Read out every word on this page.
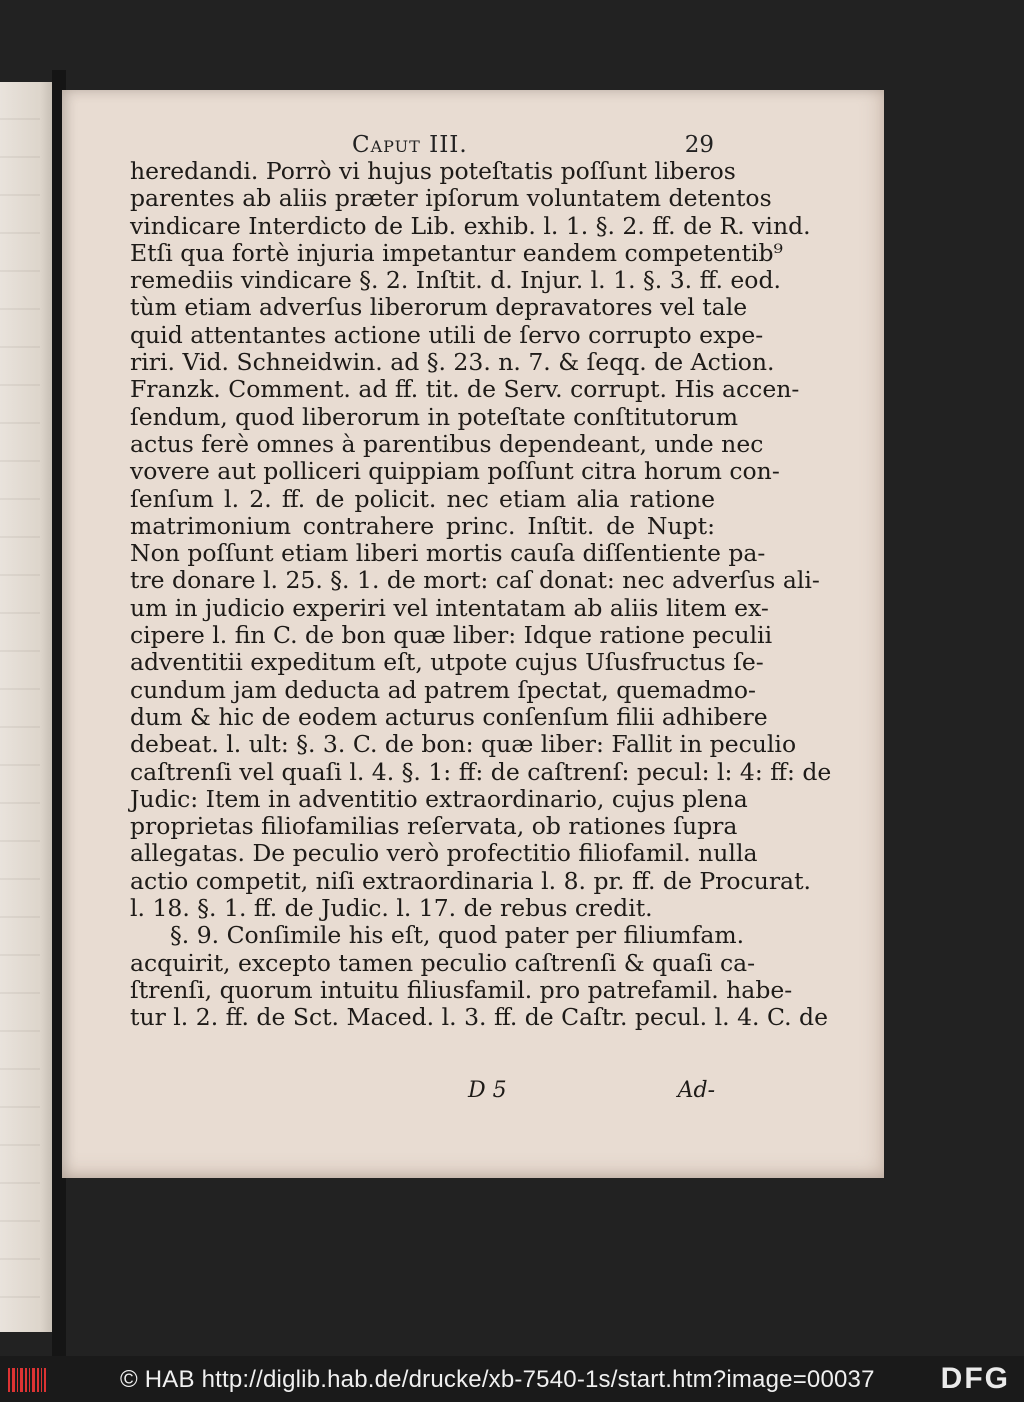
Caput III.	29
heredandi. Porrò vi hujus poteſtatis poſſunt liberos
parentes ab aliis præter ipſorum voluntatem detentos
vindicare Interdicto de Lib. exhib. l. 1. §. 2. ff. de R. vind.
Etſi qua fortè injuria impetantur eandem competentib⁹
remediis vindicare §. 2. Inſtit. d. Injur. l. 1. §. 3. ff. eod.
tùm etiam adverſus liberorum depravatores vel tale
quid attentantes actione utili de ſervo corrupto expe-
riri. Vid. Schneidwin. ad §. 23. n. 7. & ſeqq. de Action.
Franzk. Comment. ad ff. tit. de Serv. corrupt. His accen-
ſendum, quod liberorum in poteſtate conſtitutorum
actus ferè omnes à parentibus dependeant, unde nec
vovere aut polliceri quippiam poſſunt citra horum con-
ſenſum l. 2. ff. de policit. nec etiam alia ratione
matrimonium contrahere princ. Inſtit. de Nupt:
Non poſſunt etiam liberi mortis cauſa diſſentiente pa-
tre donare l. 25. §. 1. de mort: caſ donat: nec adverſus ali-
um in judicio experiri vel intentatam ab aliis litem ex-
cipere l. fin C. de bon quæ liber: Idque ratione peculii
adventitii expeditum eſt, utpote cujus Uſusfructus ſe-
cundum jam deducta ad patrem ſpectat, quemadmo-
dum & hic de eodem acturus conſenſum filii adhibere
debeat. l. ult: §. 3. C. de bon: quæ liber: Fallit in peculio
caſtrenſi vel quaſi l. 4. §. 1: ff: de caſtrenſ: pecul: l: 4: ff: de
Judic: Item in adventitio extraordinario, cujus plena
proprietas filiofamilias reſervata, ob rationes ſupra
allegatas. De peculio verò profectitio filiofamil. nulla
actio competit, niſi extraordinaria l. 8. pr. ff. de Procurat.
l. 18. §. 1. ff. de Judic. l. 17. de rebus credit.
§. 9. Conſimile his eſt, quod pater per filiumfam.
acquirit, excepto tamen peculio caſtrenſi & quaſi ca-
ſtrenſi, quorum intuitu filiusfamil. pro patrefamil. habe-
tur l. 2. ff. de Sct. Maced. l. 3. ff. de Caſtr. pecul. l. 4. C. de
D 5	Ad-
© HAB http://diglib.hab.de/drucke/xb-7540-1s/start.htm?image=00037 DFG
